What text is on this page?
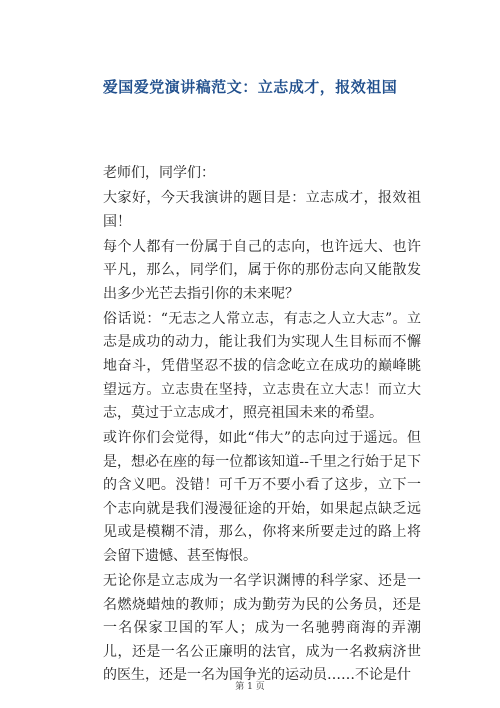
爱国爱党演讲稿范文：立志成才，报效祖国

老师们，同学们：

大家好，今天我演讲的题目是：立志成才，报效祖国！

每个人都有一份属于自己的志向，也许远大、也许平凡，那么，同学们，属于你的那份志向又能散发出多少光芒去指引你的未来呢？

俗话说：“无志之人常立志，有志之人立大志”。立志是成功的动力，能让我们为实现人生目标而不懈地奋斗，凭借坚忍不拔的信念屹立在成功的巅峰眺望远方。立志贵在坚持，立志贵在立大志！而立大志，莫过于立志成才，照亮祖国未来的希望。

或许你们会觉得，如此“伟大”的志向过于遥远。但是，想必在座的每一位都该知道--千里之行始于足下的含义吧。没错！可千万不要小看了这步，立下一个志向就是我们漫漫征途的开始，如果起点缺乏远见或是模糊不清，那么，你将来所要走过的路上将会留下遗憾、甚至悔恨。

无论你是立志成为一名学识渊博的科学家、还是一名燃烧蜡烛的教师；成为勤劳为民的公务员，还是一名保家卫国的军人；成为一名驰骋商海的弄潮儿，还是一名公正廉明的法官，成为一名救病济世的医生，还是一名为国争光的运动员……不论是什

第 1 页
